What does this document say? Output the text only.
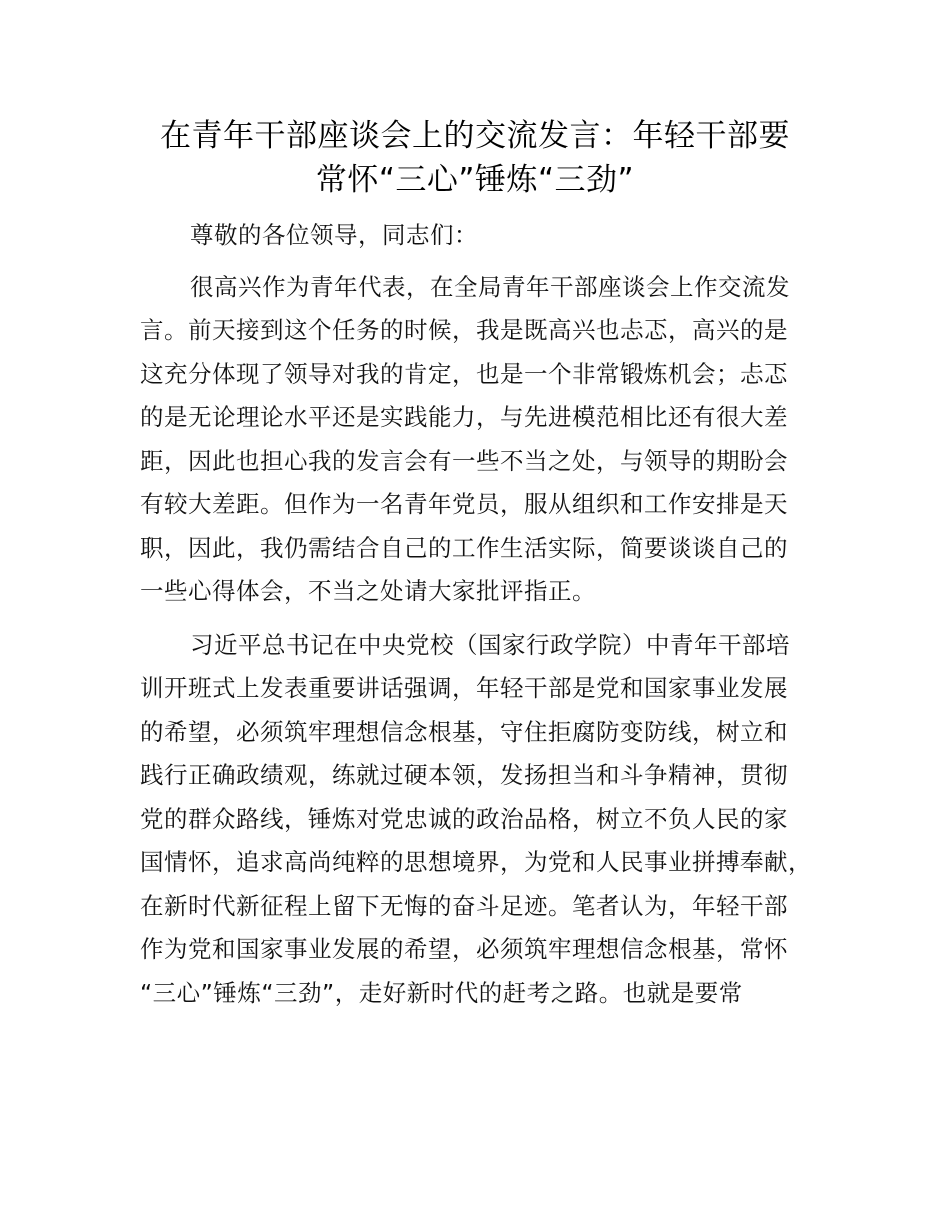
在青年干部座谈会上的交流发言：年轻干部要
常怀“三心”锤炼“三劲”
尊敬的各位领导，同志们：
很高兴作为青年代表，在全局青年干部座谈会上作交流发
言。前天接到这个任务的时候，我是既高兴也忐忑，高兴的是
这充分体现了领导对我的肯定，也是一个非常锻炼机会；忐忑
的是无论理论水平还是实践能力，与先进模范相比还有很大差
距，因此也担心我的发言会有一些不当之处，与领导的期盼会
有较大差距。但作为一名青年党员，服从组织和工作安排是天
职，因此，我仍需结合自己的工作生活实际，简要谈谈自己的
一些心得体会，不当之处请大家批评指正。
习近平总书记在中央党校（国家行政学院）中青年干部培
训开班式上发表重要讲话强调，年轻干部是党和国家事业发展
的希望，必须筑牢理想信念根基，守住拒腐防变防线，树立和
践行正确政绩观，练就过硬本领，发扬担当和斗争精神，贯彻
党的群众路线，锤炼对党忠诚的政治品格，树立不负人民的家
国情怀，追求高尚纯粹的思想境界，为党和人民事业拼搏奉献，
在新时代新征程上留下无悔的奋斗足迹。笔者认为，年轻干部
作为党和国家事业发展的希望，必须筑牢理想信念根基，常怀
“三心”锤炼“三劲”，走好新时代的赶考之路。也就是要常
